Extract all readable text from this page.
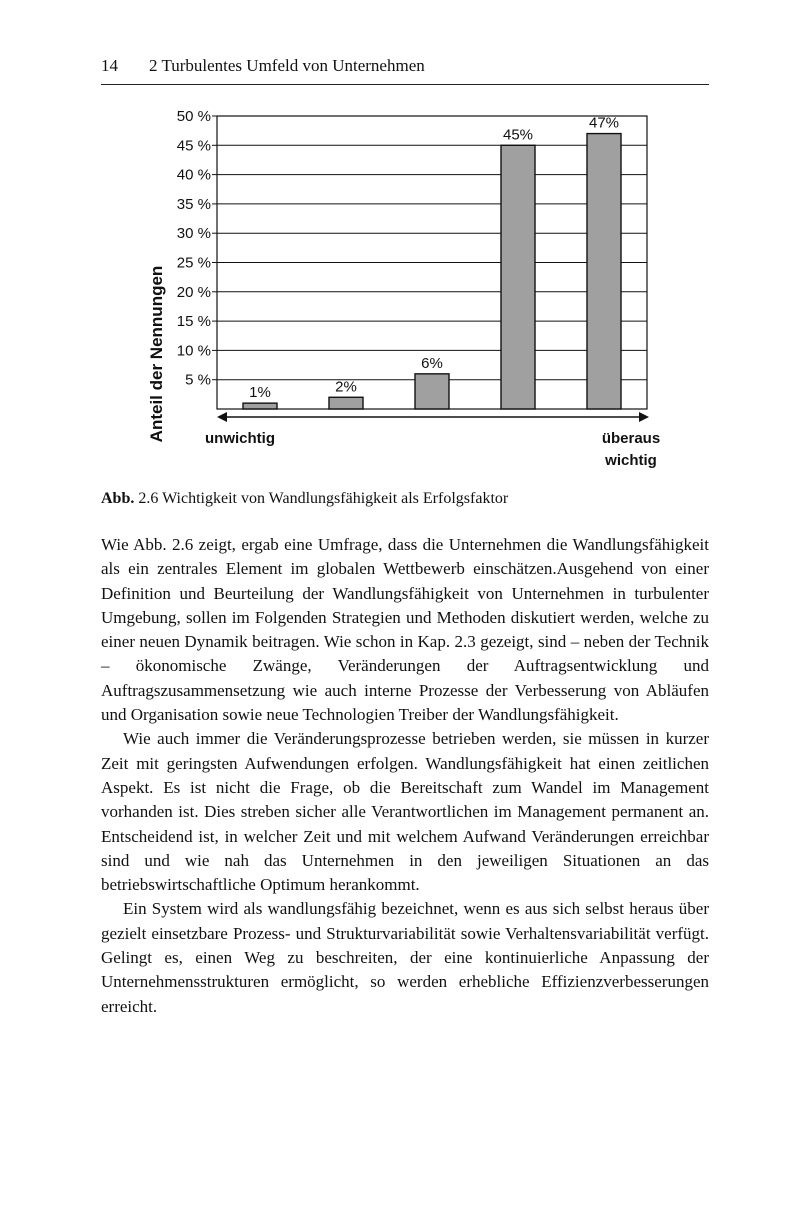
14 2 Turbulentes Umfeld von Unternehmen
5 %
10 %
15 %
20 %
25 %
30 %
35 %
40 %
45 %
50 %
1%	2%
6%
45%
47%
Anteil der Nennungen	unwichtig	überaus
wichtig
Abb. 2.6 Wichtigkeit von Wandlungsfähigkeit als Erfolgsfaktor

Wie Abb. 2.6 zeigt, ergab eine Umfrage, dass die Unternehmen die Wandlungsfähigkeit als ein zentrales Element im globalen Wettbewerb einschätzen.Ausgehend von einer Definition und Beurteilung der Wandlungsfähigkeit von Unternehmen in turbulenter Umgebung, sollen im Folgenden Strategien und Methoden diskutiert werden, welche zu einer neuen Dynamik beitragen. Wie schon in Kap. 2.3 gezeigt, sind – neben der Technik – ökonomische Zwänge, Veränderungen der Auftragsentwicklung und Auftragszusammensetzung wie auch interne Prozesse der Verbesserung von Abläufen und Organisation sowie neue Technologien Treiber der Wandlungsfähigkeit.

Wie auch immer die Veränderungsprozesse betrieben werden, sie müssen in kurzer Zeit mit geringsten Aufwendungen erfolgen. Wandlungsfähigkeit hat einen zeitlichen Aspekt. Es ist nicht die Frage, ob die Bereitschaft zum Wandel im Management vorhanden ist. Dies streben sicher alle Verantwortlichen im Management permanent an. Entscheidend ist, in welcher Zeit und mit welchem Aufwand Veränderungen erreichbar sind und wie nah das Unternehmen in den jeweiligen Situationen an das betriebswirtschaftliche Optimum herankommt.

Ein System wird als wandlungsfähig bezeichnet, wenn es aus sich selbst heraus über gezielt einsetzbare Prozess- und Strukturvariabilität sowie Verhaltensvariabilität verfügt. Gelingt es, einen Weg zu beschreiten, der eine kontinuierliche Anpassung der Unternehmensstrukturen ermöglicht, so werden erhebliche Effizienzverbesserungen erreicht.
